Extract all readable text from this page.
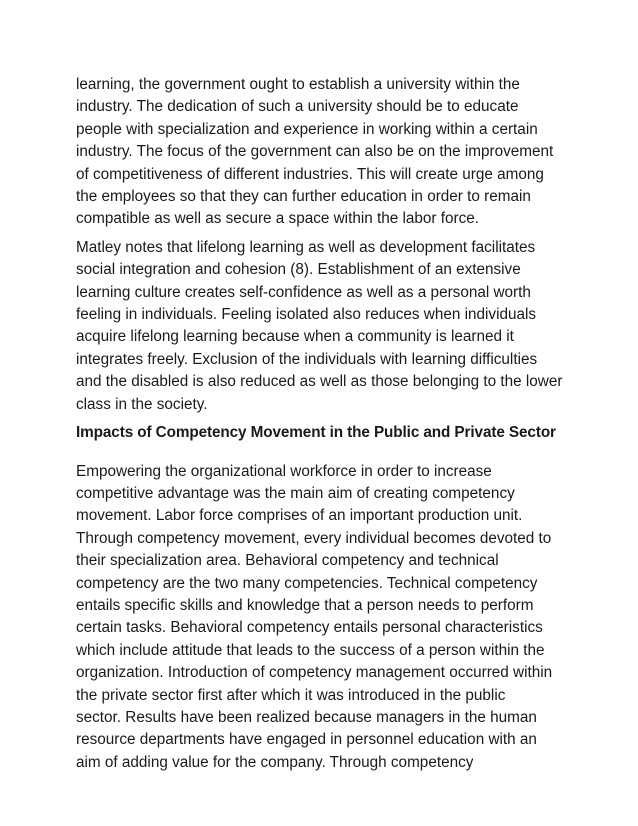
learning, the government ought to establish a university within the
industry. The dedication of such a university should be to educate
people with specialization and experience in working within a certain
industry. The focus of the government can also be on the improvement
of competitiveness of different industries. This will create urge among
the employees so that they can further education in order to remain
compatible as well as secure a space within the labor force.

Matley notes that lifelong learning as well as development facilitates
social integration and cohesion (8). Establishment of an extensive
learning culture creates self-confidence as well as a personal worth
feeling in individuals. Feeling isolated also reduces when individuals
acquire lifelong learning because when a community is learned it
integrates freely. Exclusion of the individuals with learning difficulties
and the disabled is also reduced as well as those belonging to the lower
class in the society.

Impacts of Competency Movement in the Public and Private Sector

Empowering the organizational workforce in order to increase
competitive advantage was the main aim of creating competency
movement. Labor force comprises of an important production unit.
Through competency movement, every individual becomes devoted to
their specialization area. Behavioral competency and technical
competency are the two many competencies. Technical competency
entails specific skills and knowledge that a person needs to perform
certain tasks. Behavioral competency entails personal characteristics
which include attitude that leads to the success of a person within the
organization. Introduction of competency management occurred within
the private sector first after which it was introduced in the public
sector. Results have been realized because managers in the human
resource departments have engaged in personnel education with an
aim of adding value for the company. Through competency
